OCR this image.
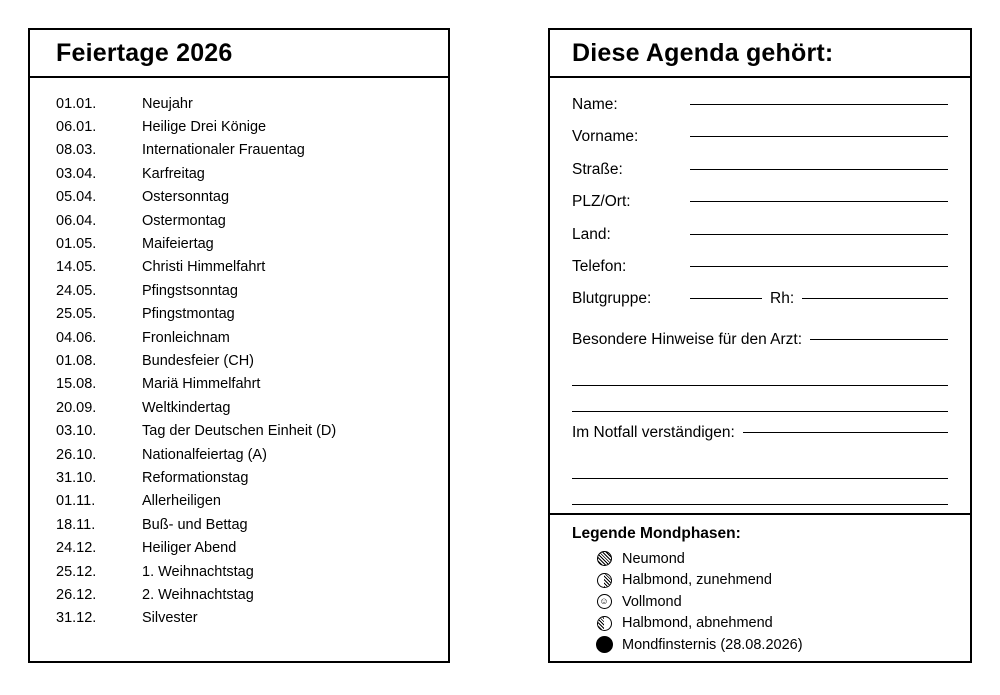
Feiertage 2026
01.01.	Neujahr
06.01.	Heilige Drei Könige
08.03.	Internationaler Frauentag
03.04.	Karfreitag
05.04.	Ostersonntag
06.04.	Ostermontag
01.05.	Maifeiertag
14.05.	Christi Himmelfahrt
24.05.	Pfingstsonntag
25.05.	Pfingstmontag
04.06.	Fronleichnam
01.08.	Bundesfeier (CH)
15.08.	Mariä Himmelfahrt
20.09.	Weltkindertag
03.10.	Tag der Deutschen Einheit (D)
26.10.	Nationalfeiertag (A)
31.10.	Reformationstag
01.11.	Allerheiligen
18.11.	Buß- und Bettag
24.12.	Heiliger Abend
25.12.	1. Weihnachtstag
26.12.	2. Weihnachtstag
31.12.	Silvester
Diese Agenda gehört:
Name:
Vorname:
Straße:
PLZ/Ort:
Land:
Telefon:
Blutgruppe:	Rh:
Besondere Hinweise für den Arzt:
Im Notfall verständigen:
Legende Mondphasen:
Neumond
Halbmond, zunehmend
☺ Vollmond
Halbmond, abnehmend
Mondfinsternis (28.08.2026)
